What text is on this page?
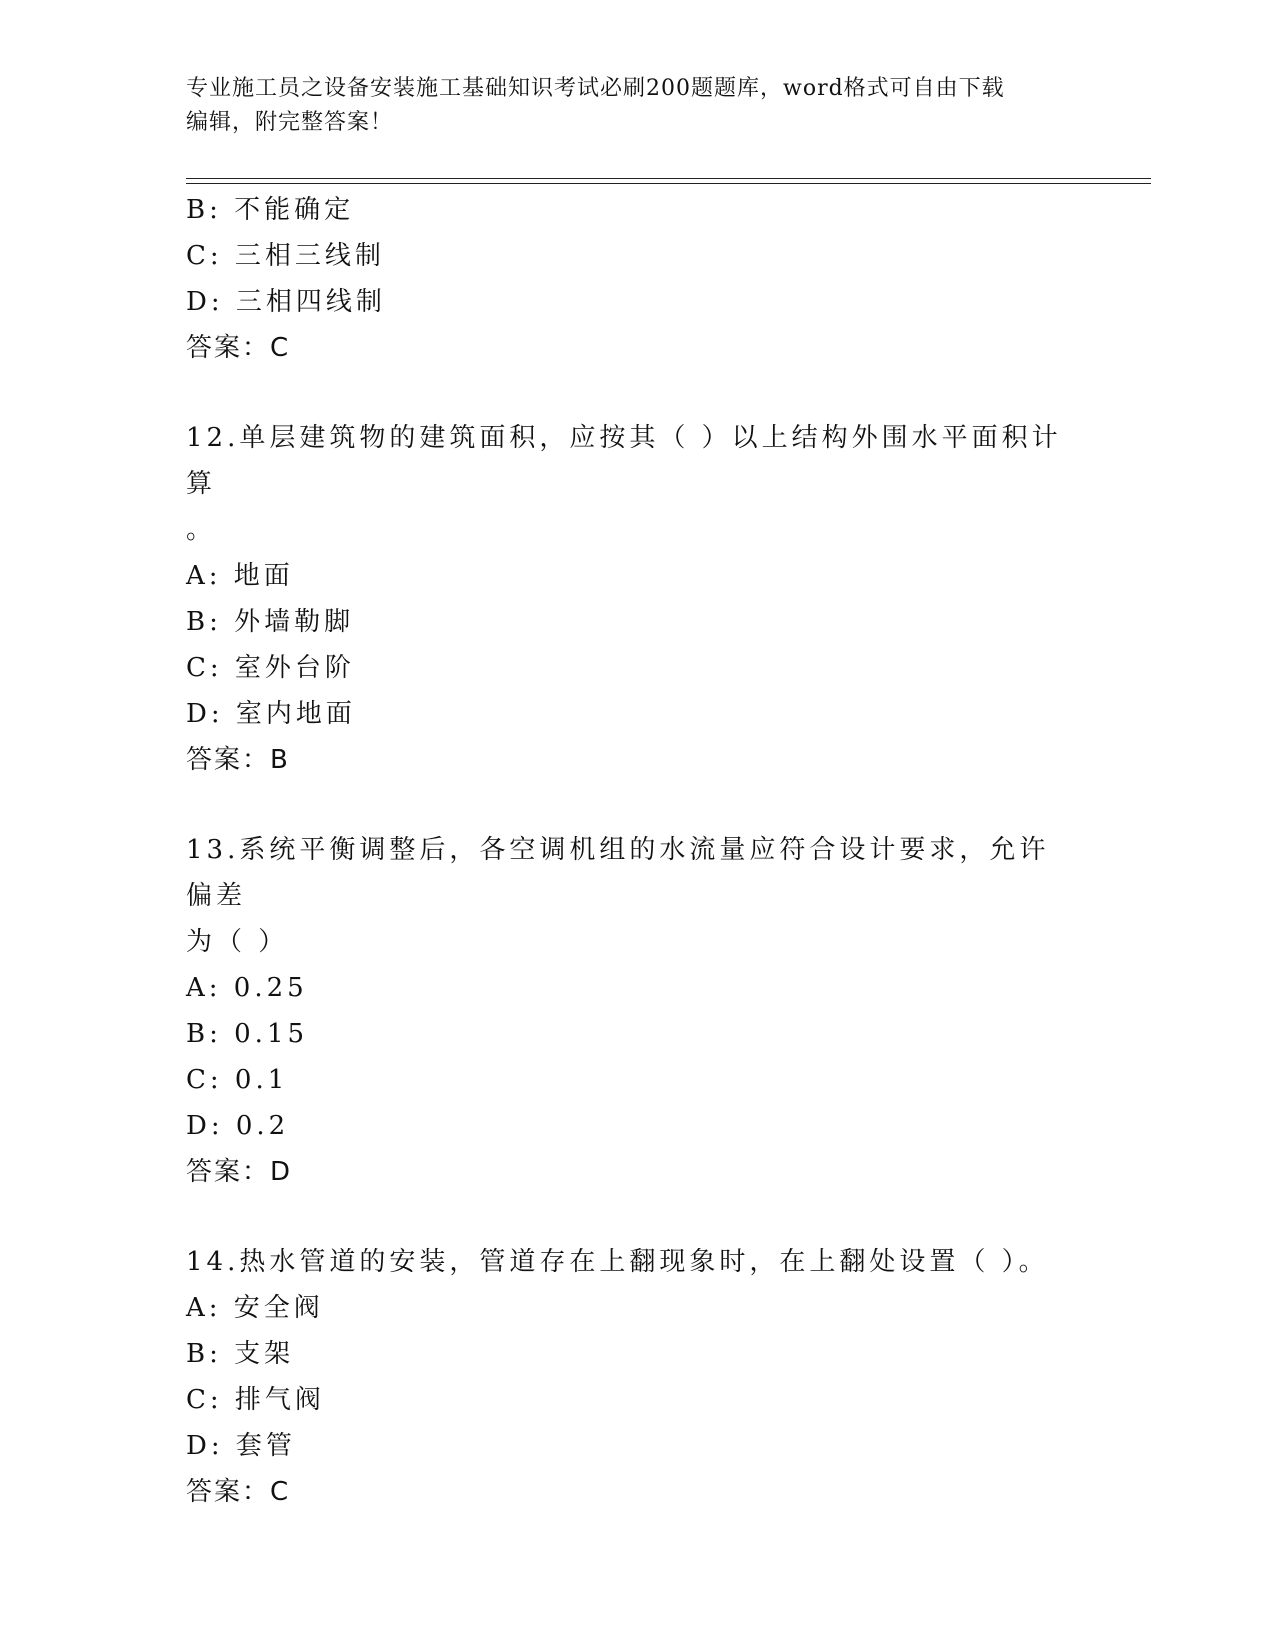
专业施工员之设备安装施工基础知识考试必刷200题题库，word格式可自由下载
编辑，附完整答案！
B: 不能确定
C: 三相三线制
D: 三相四线制
答案：C
12.单层建筑物的建筑面积，应按其（ ）以上结构外围水平面积计算
。
A: 地面
B: 外墙勒脚
C: 室外台阶
D: 室内地面
答案：B
13.系统平衡调整后，各空调机组的水流量应符合设计要求，允许偏差
为（ ）
A: 0.25
B: 0.15
C: 0.1
D: 0.2
答案：D
14.热水管道的安装，管道存在上翻现象时，在上翻处设置（ ）。
A: 安全阀
B: 支架
C: 排气阀
D: 套管
答案：C
